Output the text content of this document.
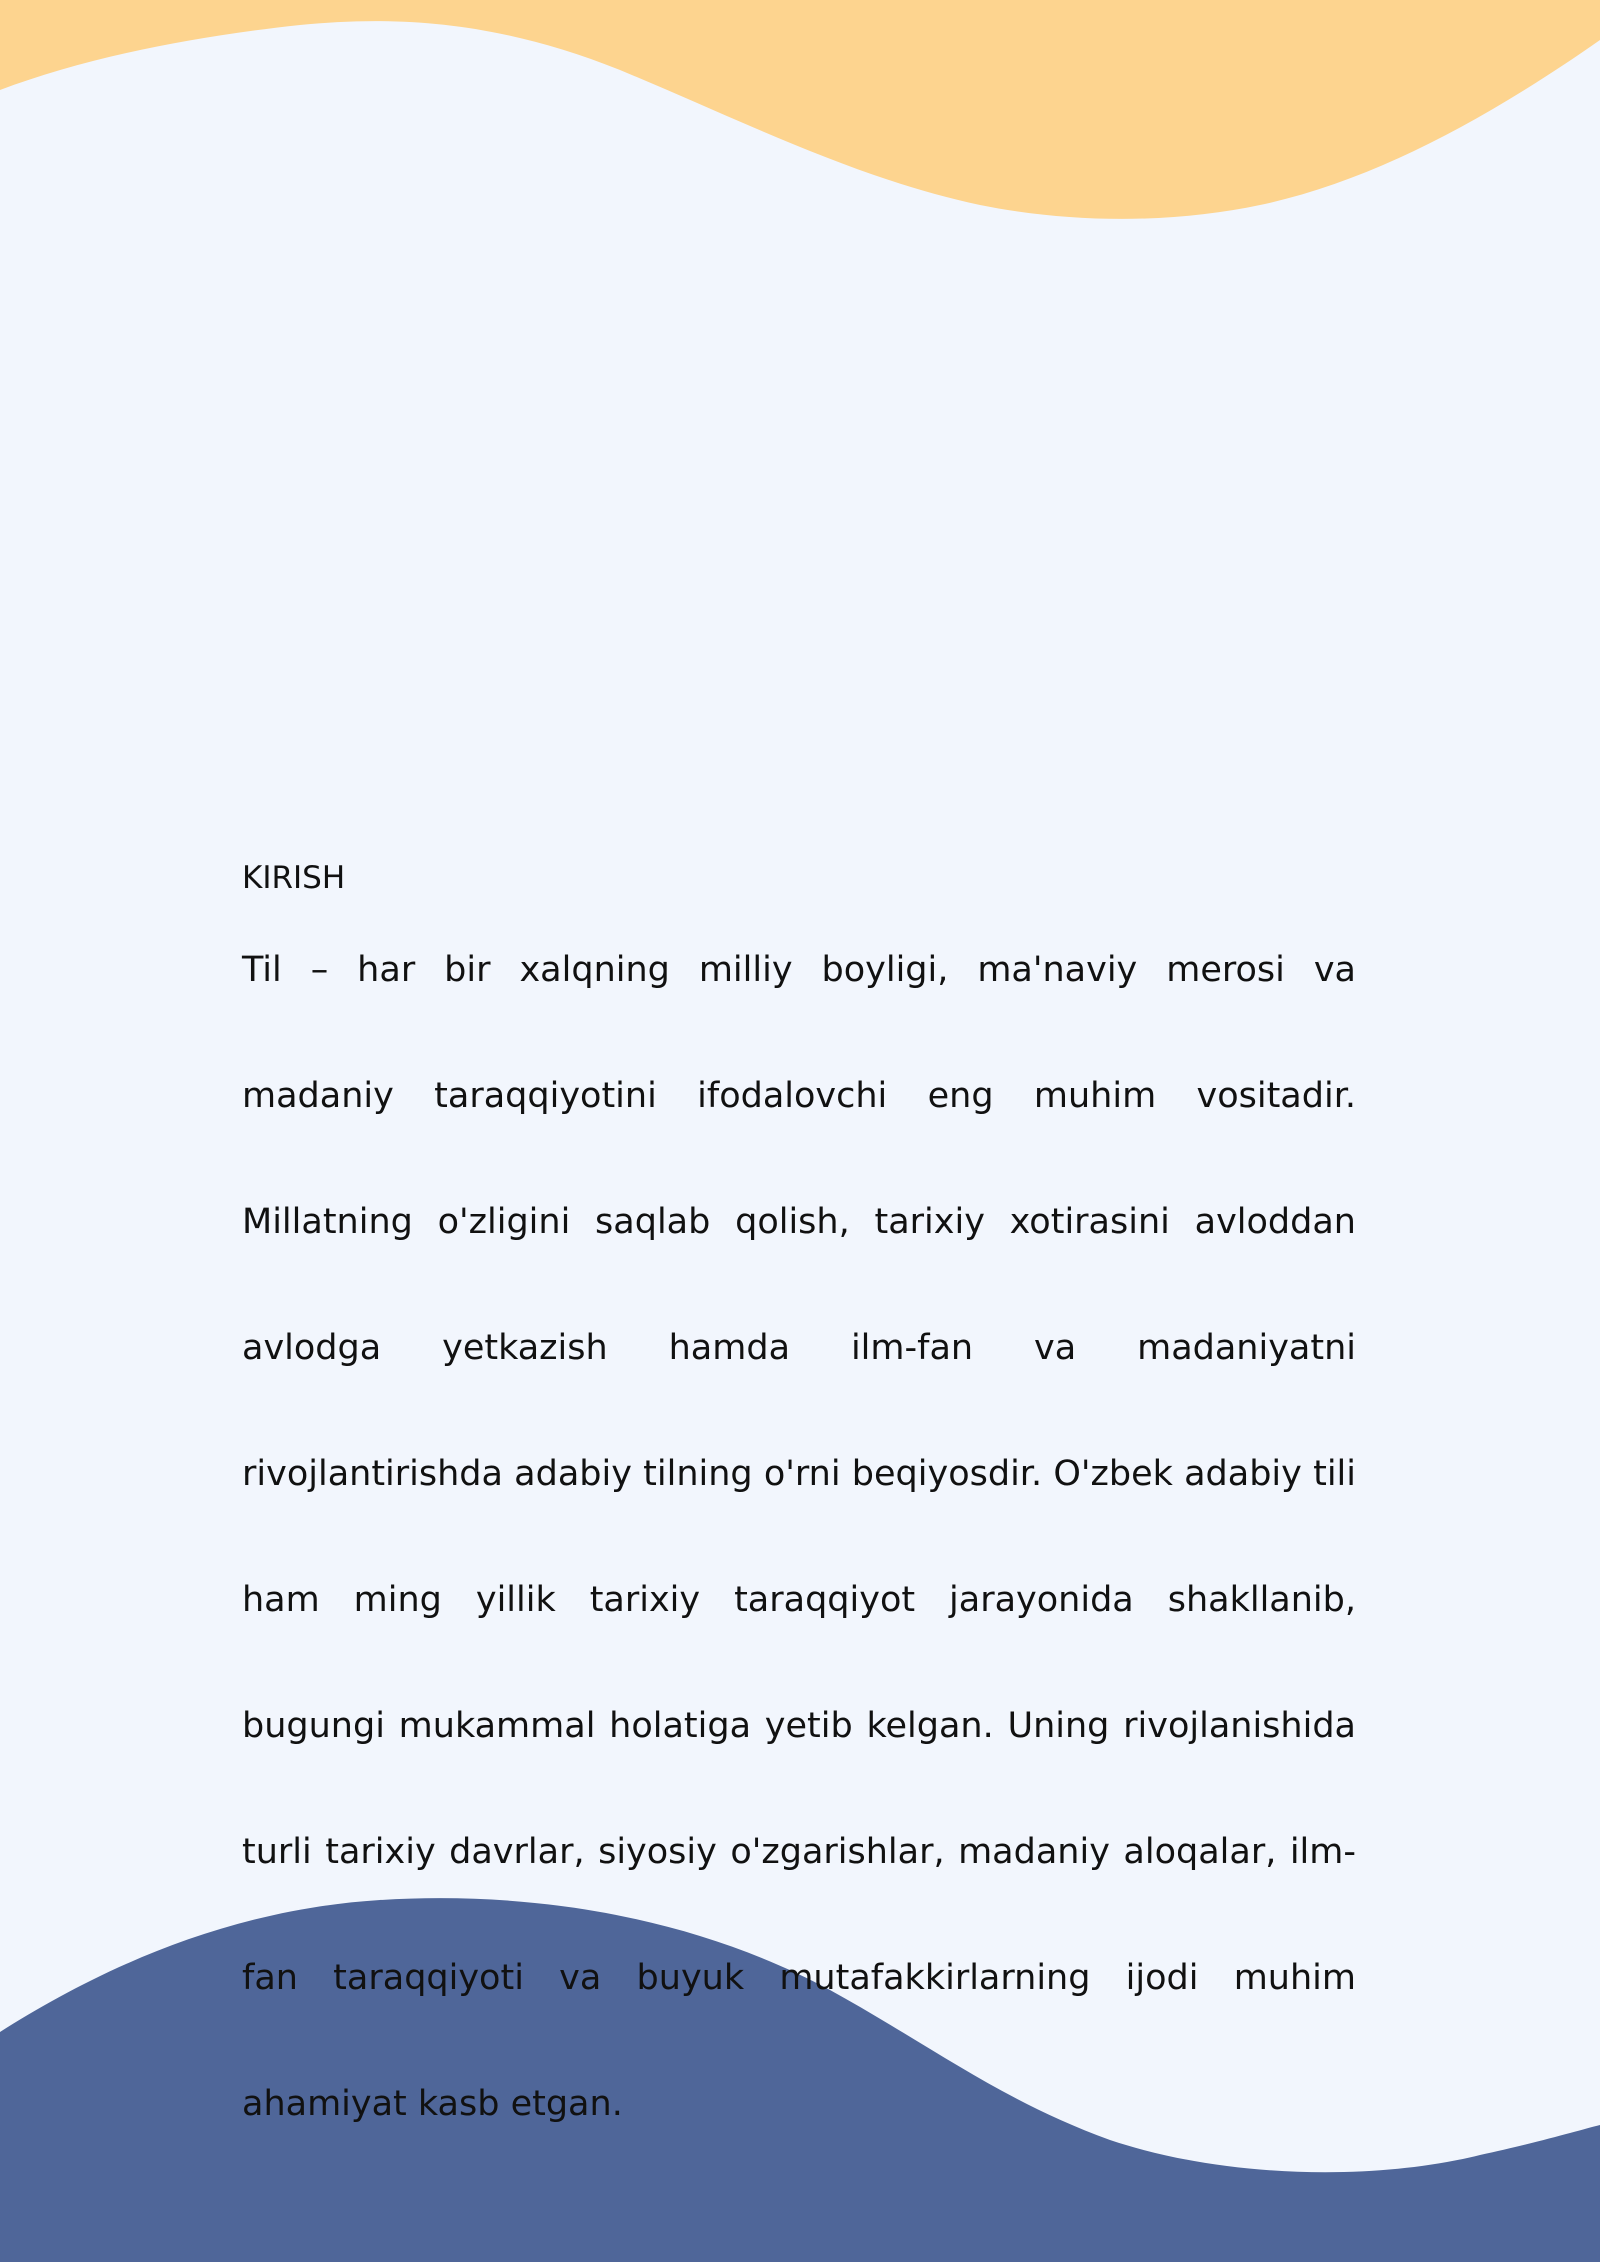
KIRISH

Til – har bir xalqning milliy boyligi, ma'naviy merosi va madaniy taraqqiyotini ifodalovchi eng muhim vositadir. Millatning o'zligini saqlab qolish, tarixiy xotirasini avloddan avlodga yetkazish hamda ilm-fan va madaniyatni rivojlantirishda adabiy tilning o'rni beqiyosdir. O'zbek adabiy tili ham ming yillik tarixiy taraqqiyot jarayonida shakllanib, bugungi mukammal holatiga yetib kelgan. Uning rivojlanishida turli tarixiy davrlar, siyosiy o'zgarishlar, madaniy aloqalar, ilm-fan taraqqiyoti va buyuk mutafakkirlarning ijodi muhim ahamiyat kasb etgan.
